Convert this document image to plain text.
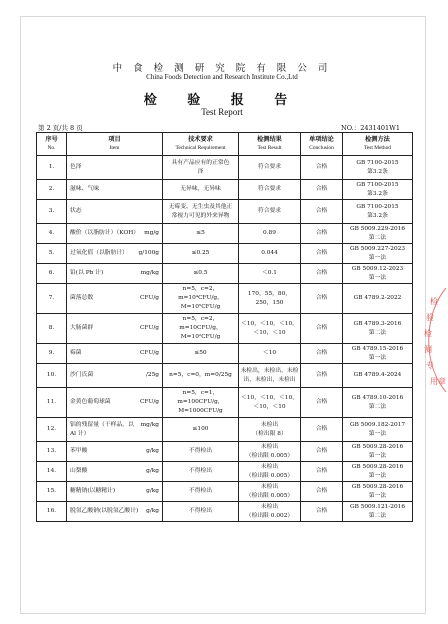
中 食 检 测 研 究 院 有 限 公 司
China Foods Detection and Research Institute Co.,Ltd
检 验 报 告
Test Report
第 2 页/共 8 页	NO.：2431401W1
序号
No.	项目
Item	技术要求
Technical Requirement	检测结果
Test Result	单项结论
Conclusion	检测方法
Test Method

1.	色泽	具有产品应有的正常色
泽	符合要求	合格	GB 7100-2015
第3.2条

2.	滋味、气味	无异味，无异味	符合要求	合格	GB 7100-2015
第3.2条

3.	状态	无霉变、无生虫及其他正
常视力可见的外来异物	符合要求	合格	GB 7100-2015
第3.2条

4.	mg/g
酸价（以脂肪计）（KOH）	≤5	0.89	合格	GB 5009.229-2016
第二法

5.	g/100g
过氧化值（以脂肪计）	≤0.25	0.044	合格	GB 5009.227-2023
第一法

6.	mg/kg
铅(以 Pb 计)	≤0.5	＜0.1	合格	GB 5009.12-2023
第一法

7.	CFU/g
菌落总数	n=5，c=2，
m=10⁴CFU/g，
M=10⁵CFU/g	170，55，80，
250，150	合格	GB 4789.2-2022

8.	CFU/g
大肠菌群	n=5，c=2，
m=10CFU/g，
M=10²CFU/g	＜10，＜10，＜10，
＜10，＜10	合格	GB 4789.3-2016
第二法

9.	CFU/g
霉菌	≤50	＜10	合格	GB 4789.15-2016
第一法

10.	/25g
沙门氏菌	n=5，c=0，m=0/25g	未检出，未检出，未检
出，未检出，未检出	合格	GB 4789.4-2024

11.	CFU/g
金黄色葡萄球菌	n=5，c=1，
m=100CFU/g，
M=1000CFU/g	＜10，＜10，＜10，
＜10，＜10	合格	GB 4789.10-2016
第二法

12.	mg/kg
铝的残留量（干样品，以 Al 计）	≤100	未检出
（检出限 8）	合格	GB 5009.182-2017
第一法

13.	g/kg
苯甲酸	不得检出	未检出
（检出限 0.005）	合格	GB 5009.28-2016
第一法

14.	g/kg
山梨酸	不得检出	未检出
（检出限 0.005）	合格	GB 5009.28-2016
第一法

15.	g/kg
糖精钠(以糖精计)	不得检出	未检出
（检出限 0.005）	合格	GB 5009.28-2016
第一法

16.	g/kg
脱氢乙酸钠(以脱氢乙酸计)	不得检出	未检出
（检出限 0.002）	合格	GB 5009.121-2016
第二法
检
验
检
测
专
用章
